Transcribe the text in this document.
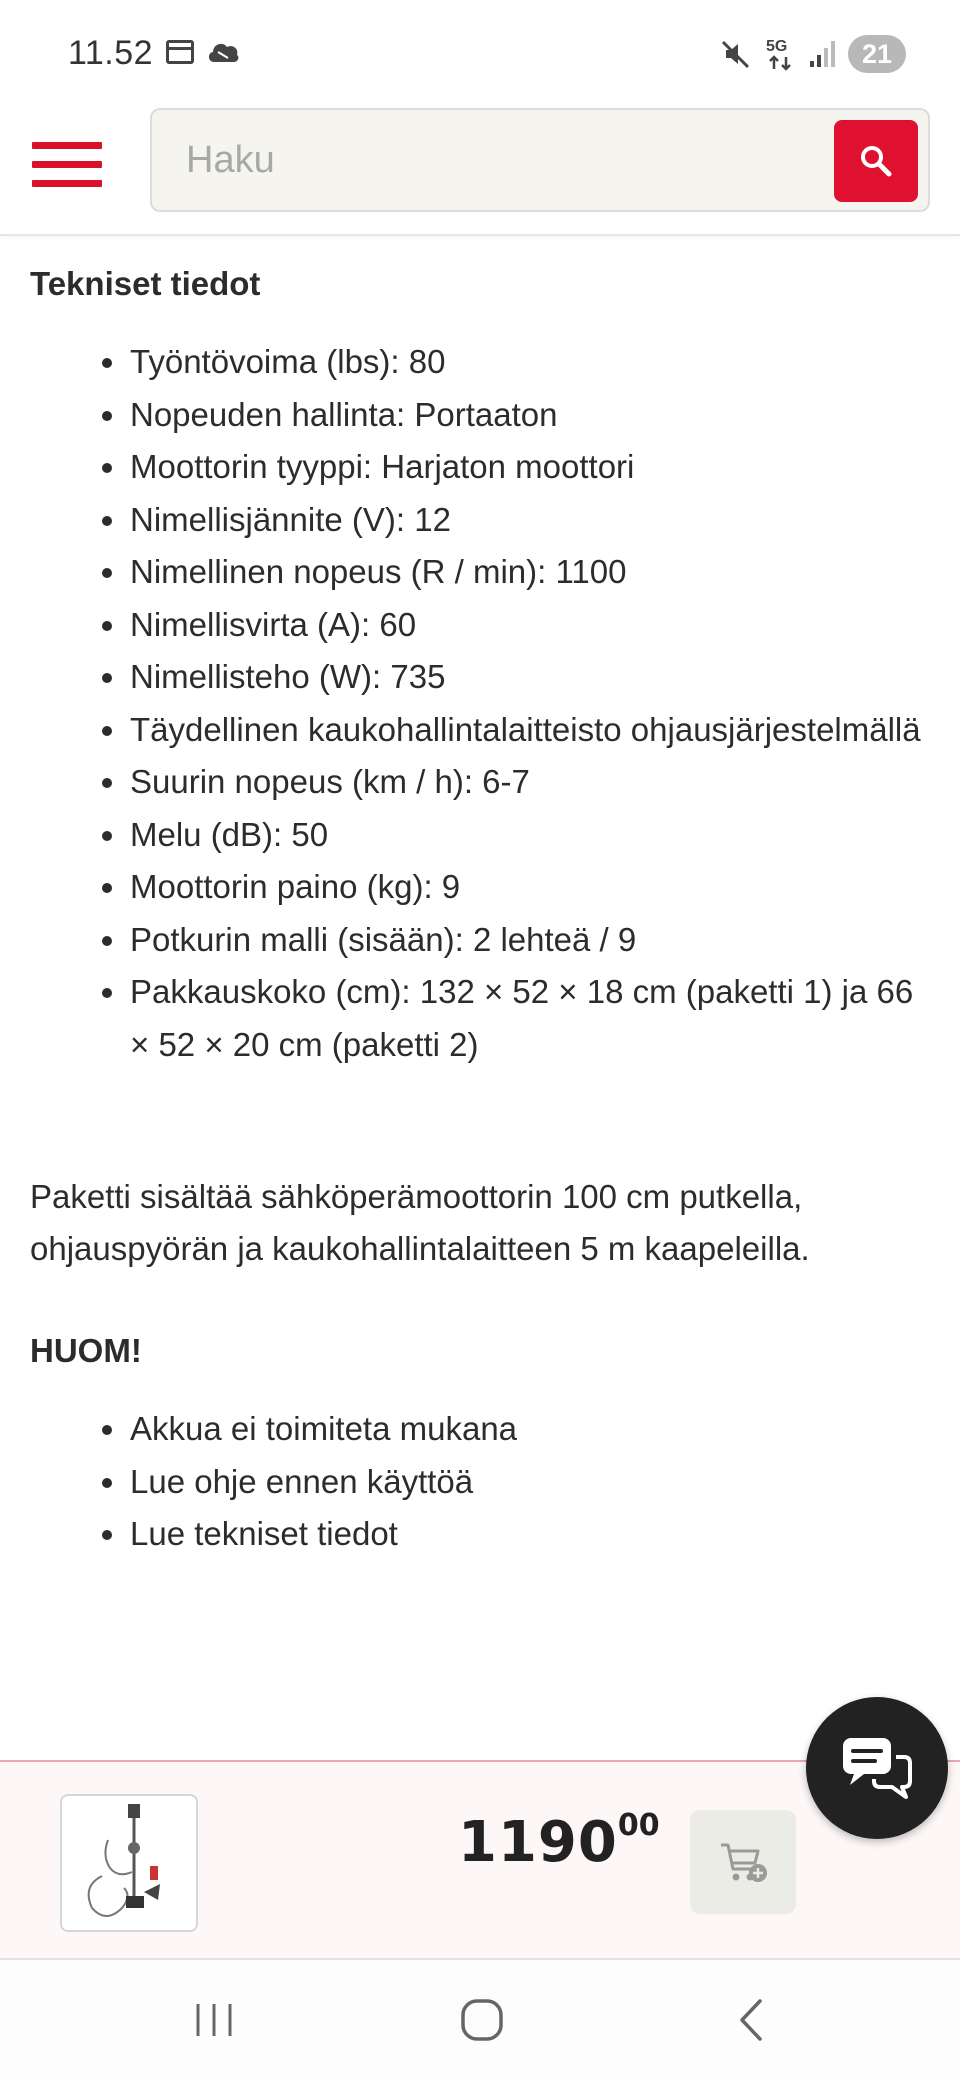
11.52	5G	21
Haku
Tekniset tiedot
Työntövoima (lbs): 80
Nopeuden hallinta: Portaaton
Moottorin tyyppi: Harjaton moottori
Nimellisjännite (V): 12
Nimellinen nopeus (R / min): 1100
Nimellisvirta (A): 60
Nimellisteho (W): 735
Täydellinen kaukohallintalaitteisto ohjausjärjestelmällä
Suurin nopeus (km / h): 6-7
Melu (dB): 50
Moottorin paino (kg): 9
Potkurin malli (sisään): 2 lehteä / 9
Pakkauskoko (cm): 132 × 52 × 18 cm (paketti 1) ja 66 × 52 × 20 cm (paketti 2)

Paketti sisältää sähköperämoottorin 100 cm putkella, ohjauspyörän ja kaukohallintalaitteen 5 m kaapeleilla.

HUOM!
Akkua ei toimiteta mukana
Lue ohje ennen käyttöä
Lue tekniset tiedot
119000
